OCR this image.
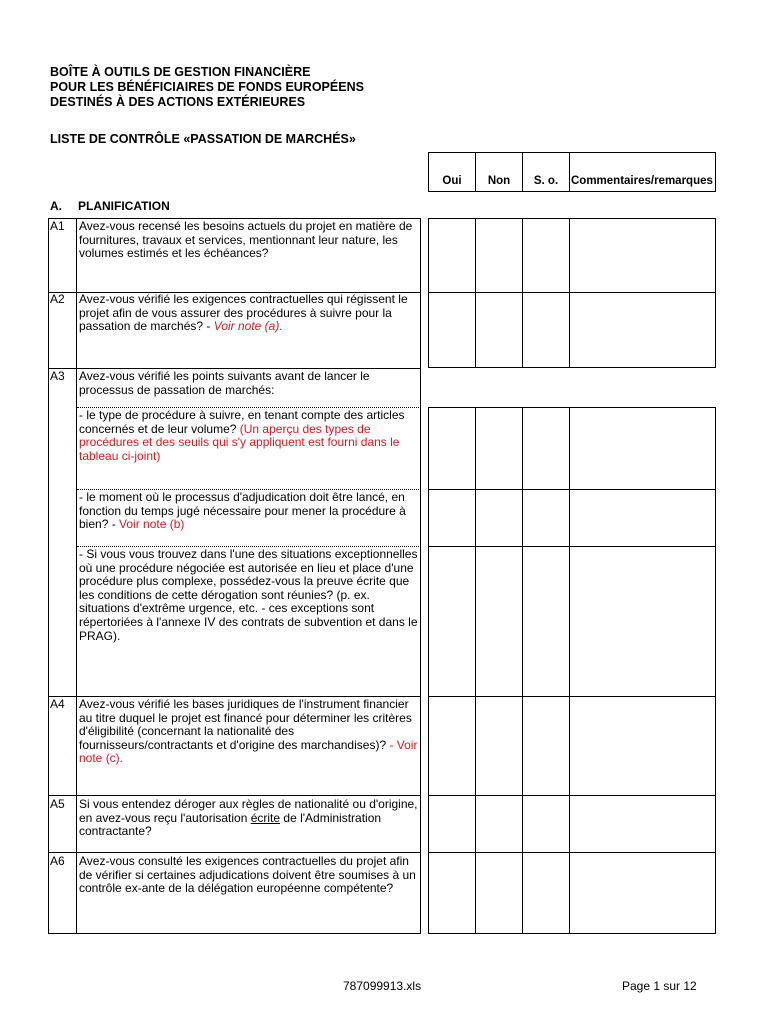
BOÎTE À OUTILS DE GESTION FINANCIÈRE
POUR LES BÉNÉFICIAIRES DE FONDS EUROPÉENS
DESTINÉS À DES ACTIONS EXTÉRIEURES
LISTE DE CONTRÔLE «PASSATION DE MARCHÉS»
Oui	Non	S. o.	Commentaires/remarques
A. PLANIFICATION
A1 Avez-vous recensé les besoins actuels du projet en matière de fournitures, travaux et services, mentionnant leur nature, les volumes estimés et les échéances?
A2 Avez-vous vérifié les exigences contractuelles qui régissent le projet afin de vous assurer des procédures à suivre pour la passation de marchés? - Voir note (a).
A3 Avez-vous vérifié les points suivants avant de lancer le processus de passation de marchés:
- le type de procédure à suivre, en tenant compte des articles concernés et de leur volume? (Un aperçu des types de procédures et des seuils qui s'y appliquent est fourni dans le tableau ci-joint)
- le moment où le processus d'adjudication doit être lancé, en fonction du temps jugé nécessaire pour mener la procédure à bien? - Voir note (b)
- Si vous vous trouvez dans l'une des situations exceptionnelles où une procédure négociée est autorisée en lieu et place d'une procédure plus complexe, possédez-vous la preuve écrite que les conditions de cette dérogation sont réunies? (p. ex. situations d'extrême urgence, etc. - ces exceptions sont répertoriées à l'annexe IV des contrats de subvention et dans le PRAG).
A4 Avez-vous vérifié les bases juridiques de l'instrument financier au titre duquel le projet est financé pour déterminer les critères d'éligibilité (concernant la nationalité des fournisseurs/contractants et d'origine des marchandises)? - Voir note (c).
A5 Si vous entendez déroger aux règles de nationalité ou d'origine, en avez-vous reçu l'autorisation écrite de l'Administration contractante?
A6 Avez-vous consulté les exigences contractuelles du projet afin de vérifier si certaines adjudications doivent être soumises à un contrôle ex-ante de la délégation européenne compétente?
787099913.xls	Page 1 sur 12
